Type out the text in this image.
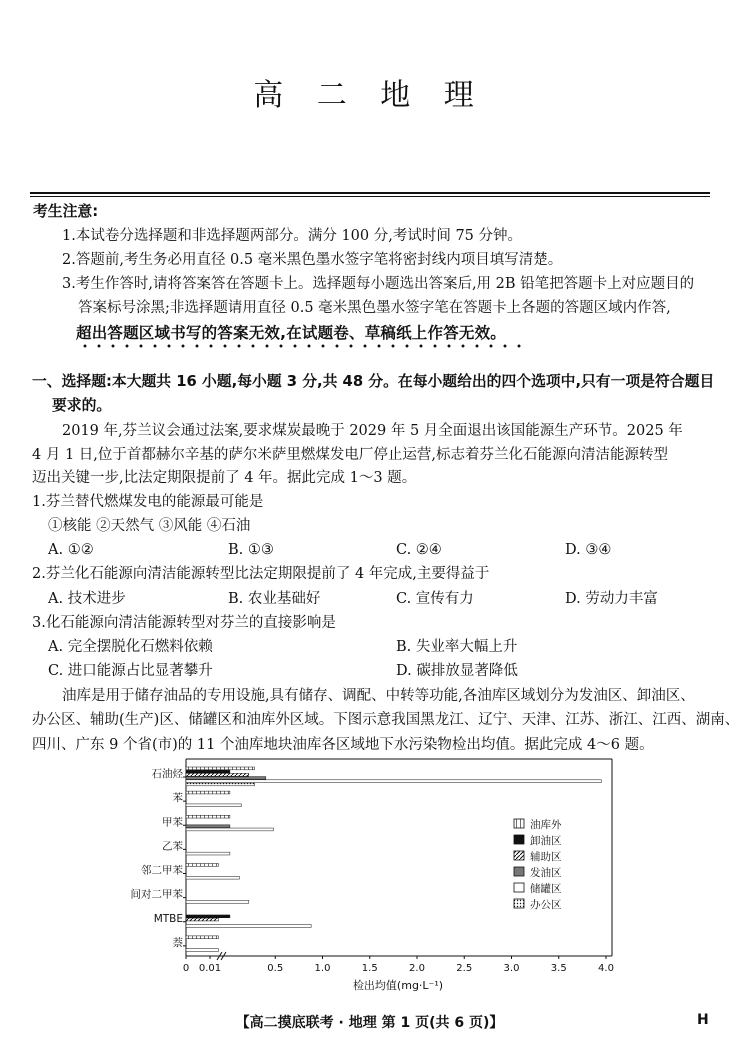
高 二 地 理
考生注意:
1.本试卷分选择题和非选择题两部分。满分 100 分,考试时间 75 分钟。
2.答题前,考生务必用直径 0.5 毫米黑色墨水签字笔将密封线内项目填写清楚。
3.考生作答时,请将答案答在答题卡上。选择题每小题选出答案后,用 2B 铅笔把答题卡上对应题目的
答案标号涂黑;非选择题请用直径 0.5 毫米黑色墨水签字笔在答题卡上各题的答题区域内作答,
超出答题区域书写的答案无效,在试题卷、草稿纸上作答无效。
一、选择题:本大题共 16 小题,每小题 3 分,共 48 分。在每小题给出的四个选项中,只有一项是符合题目
要求的。
2019 年,芬兰议会通过法案,要求煤炭最晚于 2029 年 5 月全面退出该国能源生产环节。2025 年
4 月 1 日,位于首都赫尔辛基的萨尔米萨里燃煤发电厂停止运营,标志着芬兰化石能源向清洁能源转型
迈出关键一步,比法定期限提前了 4 年。据此完成 1～3 题。
1.芬兰替代燃煤发电的能源最可能是
①核能 ②天然气 ③风能 ④石油
A. ①②	B. ①③	C. ②④	D. ③④
2.芬兰化石能源向清洁能源转型比法定期限提前了 4 年完成,主要得益于
A. 技术进步	B. 农业基础好	C. 宣传有力	D. 劳动力丰富
3.化石能源向清洁能源转型对芬兰的直接影响是
A. 完全摆脱化石燃料依赖	B. 失业率大幅上升
C. 进口能源占比显著攀升	D. 碳排放显著降低
油库是用于储存油品的专用设施,具有储存、调配、中转等功能,各油库区域划分为发油区、卸油区、
办公区、辅助(生产)区、储罐区和油库外区域。下图示意我国黑龙江、辽宁、天津、江苏、浙江、江西、湖南、
四川、广东 9 个省(市)的 11 个油库地块油库各区域地下水污染物检出均值。据此完成 4～6 题。
0 0.01	0.5	1.0	1.5	2.0	2.5	3.0	3.5	4.0
检出均值(mg·L⁻¹)
石油烃
苯
甲苯
乙苯
邻二甲苯
间对二甲苯
MTBE
萘
油库外
卸油区
辅助区
发油区
储罐区
办公区
【高二摸底联考 · 地理 第 1 页(共 6 页)】	H
